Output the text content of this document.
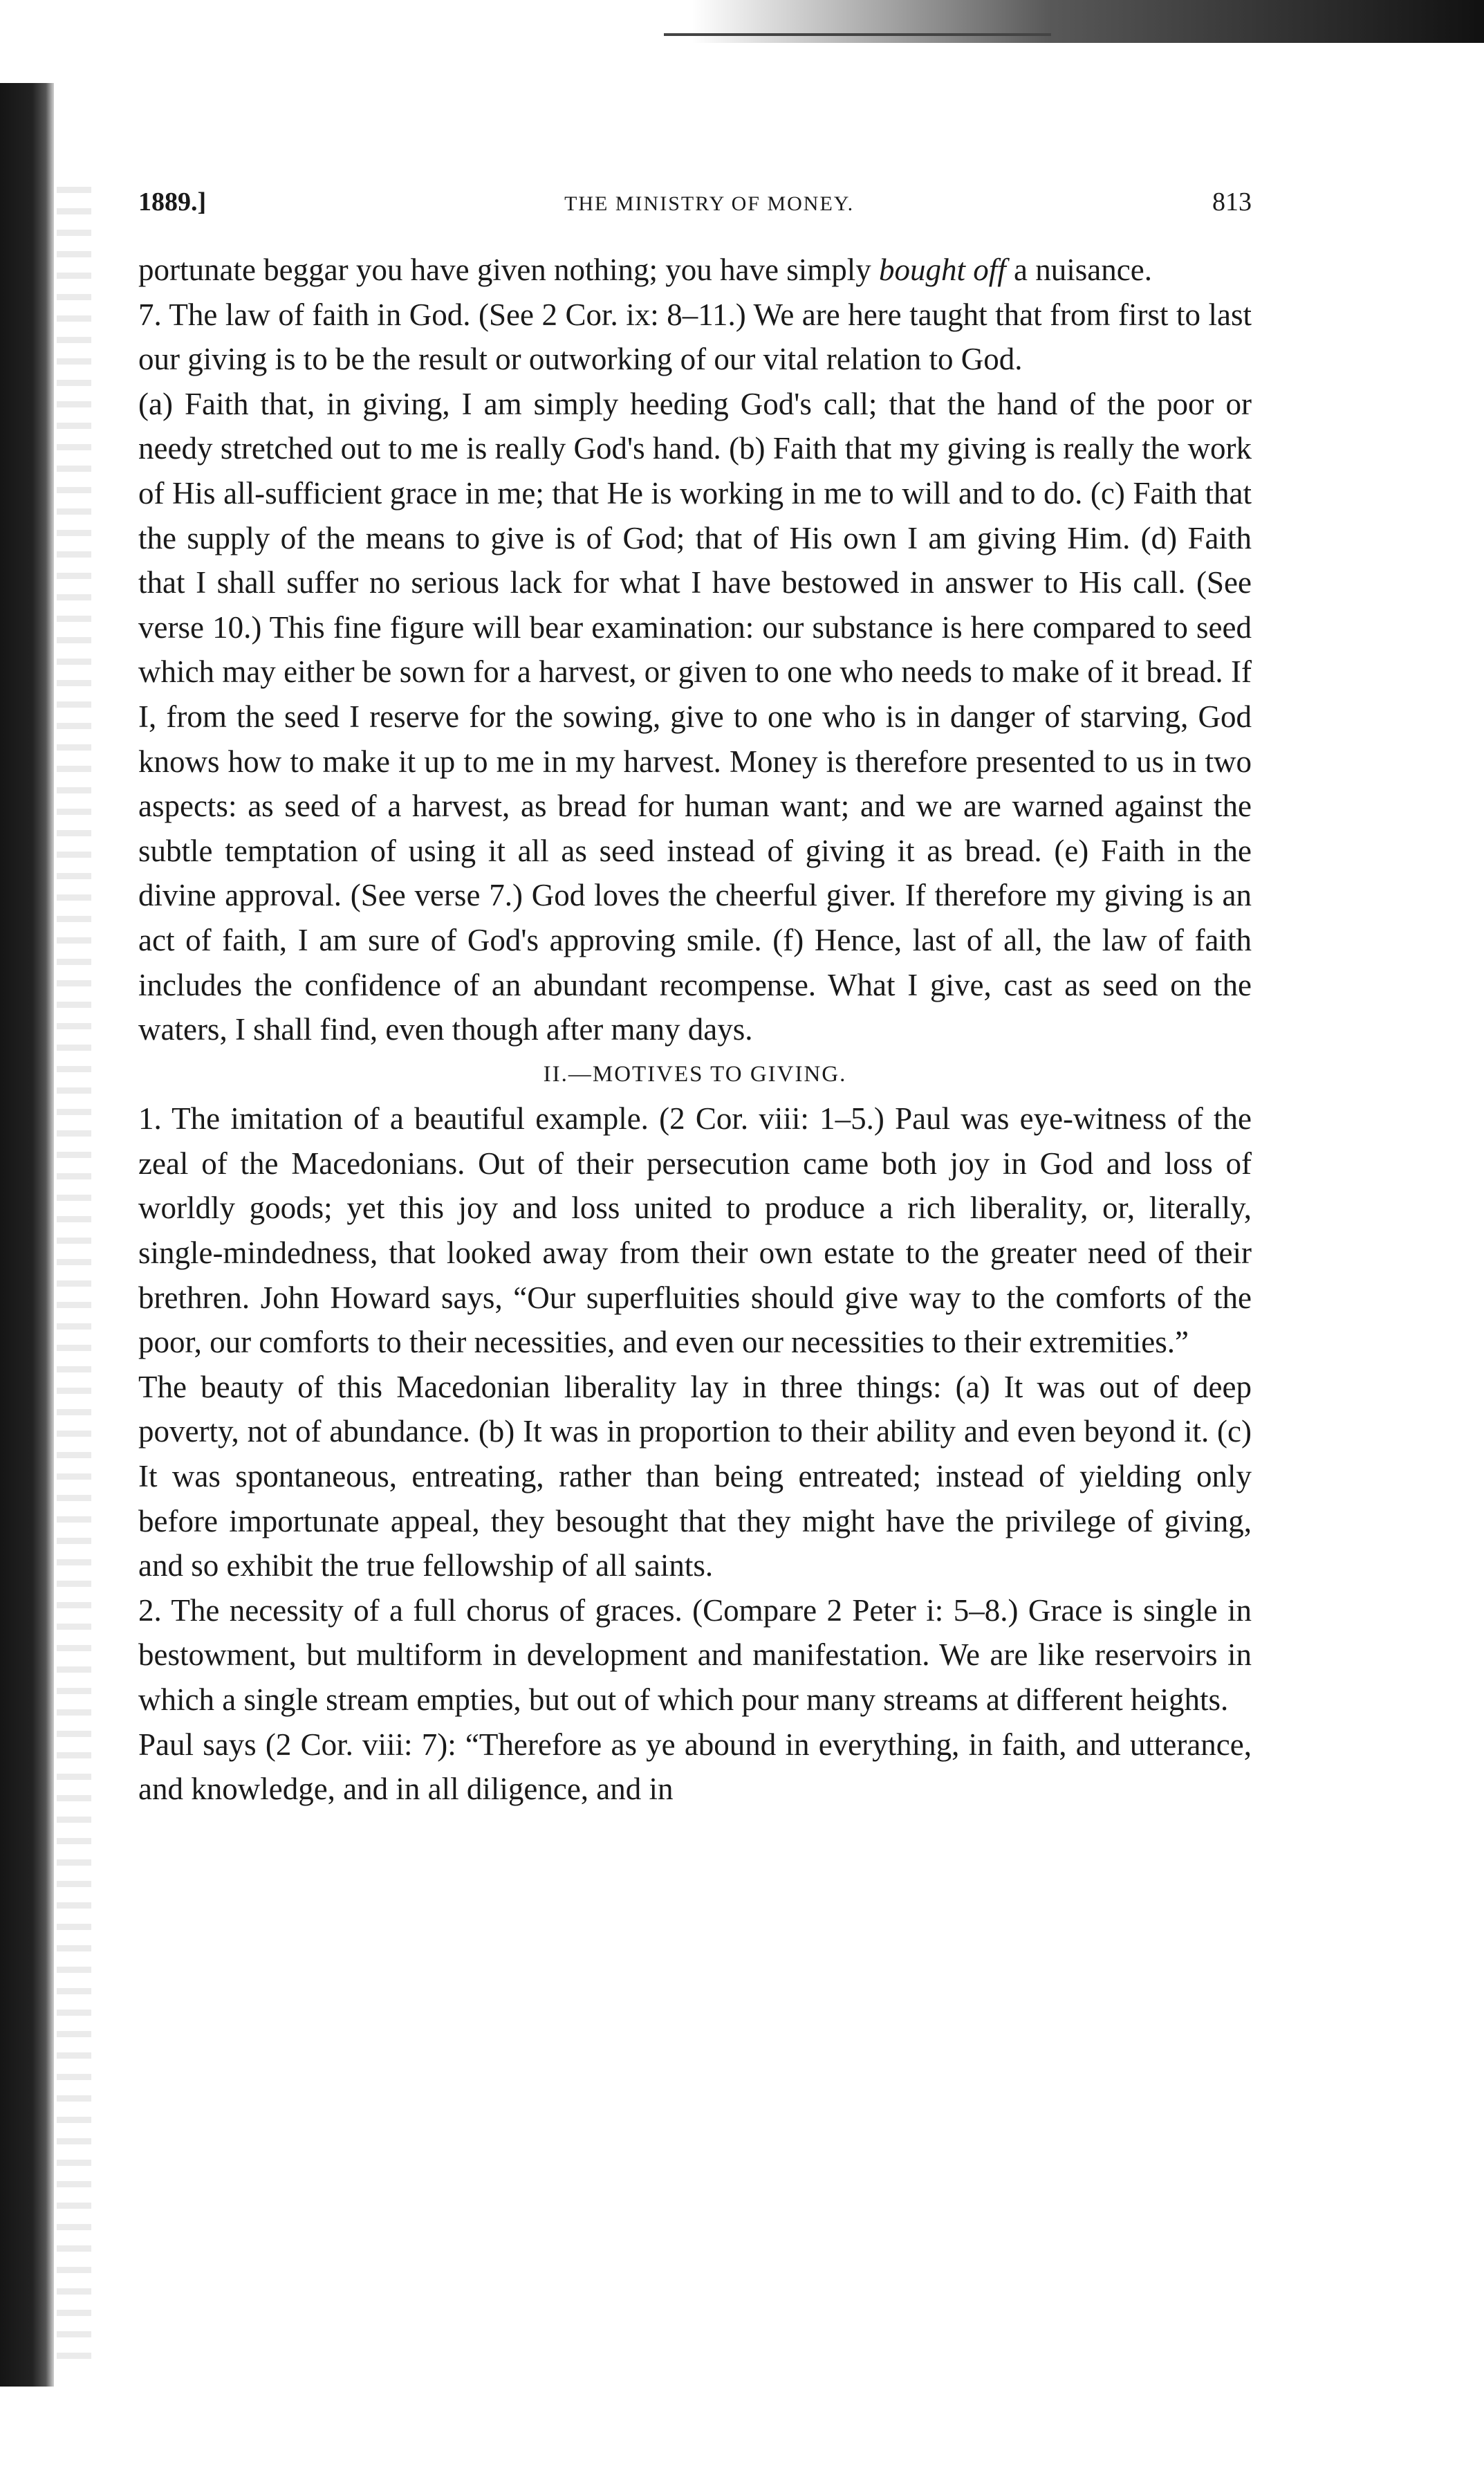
1889.]	THE MINISTRY OF MONEY.	813

portunate beggar you have given nothing; you have simply bought off a nuisance.

7. The law of faith in God. (See 2 Cor. ix: 8–11.) We are here taught that from first to last our giving is to be the result or outworking of our vital relation to God.

(a) Faith that, in giving, I am simply heeding God's call; that the hand of the poor or needy stretched out to me is really God's hand. (b) Faith that my giving is really the work of His all-sufficient grace in me; that He is working in me to will and to do. (c) Faith that the supply of the means to give is of God; that of His own I am giving Him. (d) Faith that I shall suffer no serious lack for what I have bestowed in answer to His call. (See verse 10.) This fine figure will bear examination: our substance is here compared to seed which may either be sown for a harvest, or given to one who needs to make of it bread. If I, from the seed I reserve for the sowing, give to one who is in danger of starving, God knows how to make it up to me in my harvest. Money is therefore presented to us in two aspects: as seed of a harvest, as bread for human want; and we are warned against the subtle temptation of using it all as seed instead of giving it as bread. (e) Faith in the divine approval. (See verse 7.) God loves the cheerful giver. If therefore my giving is an act of faith, I am sure of God's approving smile. (f) Hence, last of all, the law of faith includes the confidence of an abundant recompense. What I give, cast as seed on the waters, I shall find, even though after many days.

II.—MOTIVES TO GIVING.

1. The imitation of a beautiful example. (2 Cor. viii: 1–5.) Paul was eye-witness of the zeal of the Macedonians. Out of their persecution came both joy in God and loss of worldly goods; yet this joy and loss united to produce a rich liberality, or, literally, single-mindedness, that looked away from their own estate to the greater need of their brethren. John Howard says, “Our superfluities should give way to the comforts of the poor, our comforts to their necessities, and even our necessities to their extremities.”

The beauty of this Macedonian liberality lay in three things: (a) It was out of deep poverty, not of abundance. (b) It was in proportion to their ability and even beyond it. (c) It was spontaneous, entreating, rather than being entreated; instead of yielding only before importunate appeal, they besought that they might have the privilege of giving, and so exhibit the true fellowship of all saints.

2. The necessity of a full chorus of graces. (Compare 2 Peter i: 5–8.) Grace is single in bestowment, but multiform in development and manifestation. We are like reservoirs in which a single stream empties, but out of which pour many streams at different heights.

Paul says (2 Cor. viii: 7): “Therefore as ye abound in everything, in faith, and utterance, and knowledge, and in all diligence, and in
